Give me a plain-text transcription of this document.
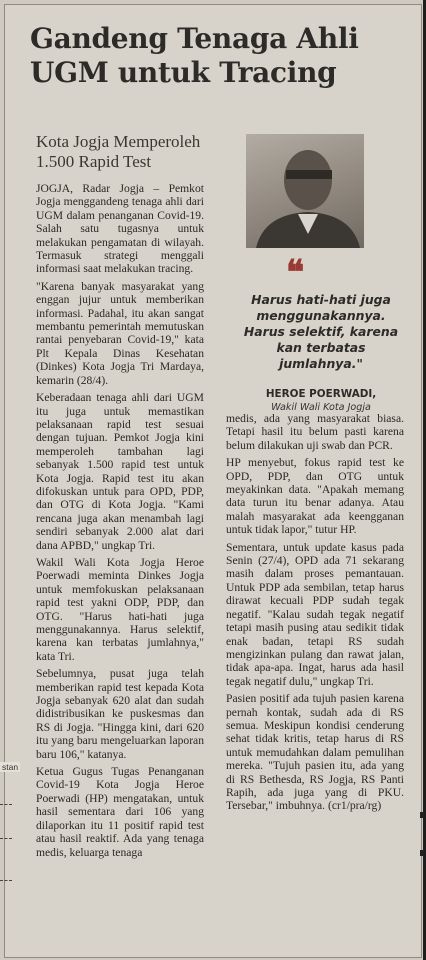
Gandeng Tenaga Ahli UGM untuk Tracing
Kota Jogja Memperoleh 1.500 Rapid Test
❝
Harus hati-hati juga menggunakannya. Harus selektif, karena kan terbatas jumlahnya."
HEROE POERWADI,
Wakil Wali Kota Jogja

JOGJA, Radar Jogja – Pemkot Jogja menggandeng tenaga ahli dari UGM dalam penanganan Covid-19. Salah satu tugasnya untuk melakukan pengamatan di wilayah. Termasuk strategi menggali informasi saat melakukan tracing.

"Karena banyak masyarakat yang enggan jujur untuk memberikan informasi. Padahal, itu akan sangat membantu pemerintah memutuskan rantai penyebaran Covid-19," kata Plt Kepala Dinas Kesehatan (Dinkes) Kota Jogja Tri Mardaya, kemarin (28/4).

Keberadaan tenaga ahli dari UGM itu juga untuk memastikan pelaksanaan rapid test sesuai dengan tujuan. Pemkot Jogja kini memperoleh tambahan lagi sebanyak 1.500 rapid test untuk Kota Jogja. Rapid test itu akan difokuskan untuk para OPD, PDP, dan OTG di Kota Jogja. "Kami rencana juga akan menambah lagi sendiri sebanyak 2.000 alat dari dana APBD," ungkap Tri.

Wakil Wali Kota Jogja Heroe Poerwadi meminta Dinkes Jogja untuk memfokuskan pelaksanaan rapid test yakni ODP, PDP, dan OTG. "Harus hati-hati juga menggunakannya. Harus selektif, karena kan terbatas jumlahnya," kata Tri.

Sebelumnya, pusat juga telah memberikan rapid test kepada Kota Jogja sebanyak 620 alat dan sudah didistribusikan ke puskesmas dan RS di Jogja. "Hingga kini, dari 620 itu yang baru mengeluarkan laporan baru 106," katanya.

Ketua Gugus Tugas Penanganan Covid-19 Kota Jogja Heroe Poerwadi (HP) mengatakan, untuk hasil sementara dari 106 yang dilaporkan itu 11 positif rapid test atau hasil reaktif. Ada yang tenaga medis, keluarga tenaga

medis, ada yang masyarakat biasa. Tetapi hasil itu belum pasti karena belum dilakukan uji swab dan PCR.

HP menyebut, fokus rapid test ke OPD, PDP, dan OTG untuk meyakinkan data. "Apakah memang data turun itu benar adanya. Atau malah masyarakat ada keengganan untuk tidak lapor," tutur HP.

Sementara, untuk update kasus pada Senin (27/4), OPD ada 71 sekarang masih dalam proses pemantauan. Untuk PDP ada sembilan, tetap harus dirawat kecuali PDP sudah tegak negatif. "Kalau sudah tegak negatif tetapi masih pusing atau sedikit tidak enak badan, tetapi RS sudah mengizinkan pulang dan rawat jalan, tidak apa-apa. Ingat, harus ada hasil tegak negatif dulu," ungkap Tri.

Pasien positif ada tujuh pasien karena pernah kontak, sudah ada di RS semua. Meskipun kondisi cenderung sehat tidak kritis, tetap harus di RS untuk memudahkan dalam pemulihan mereka. "Tujuh pasien itu, ada yang di RS Bethesda, RS Jogja, RS Panti Rapih, ada juga yang di PKU. Tersebar," imbuhnya. (cr1/pra/rg)

stan
